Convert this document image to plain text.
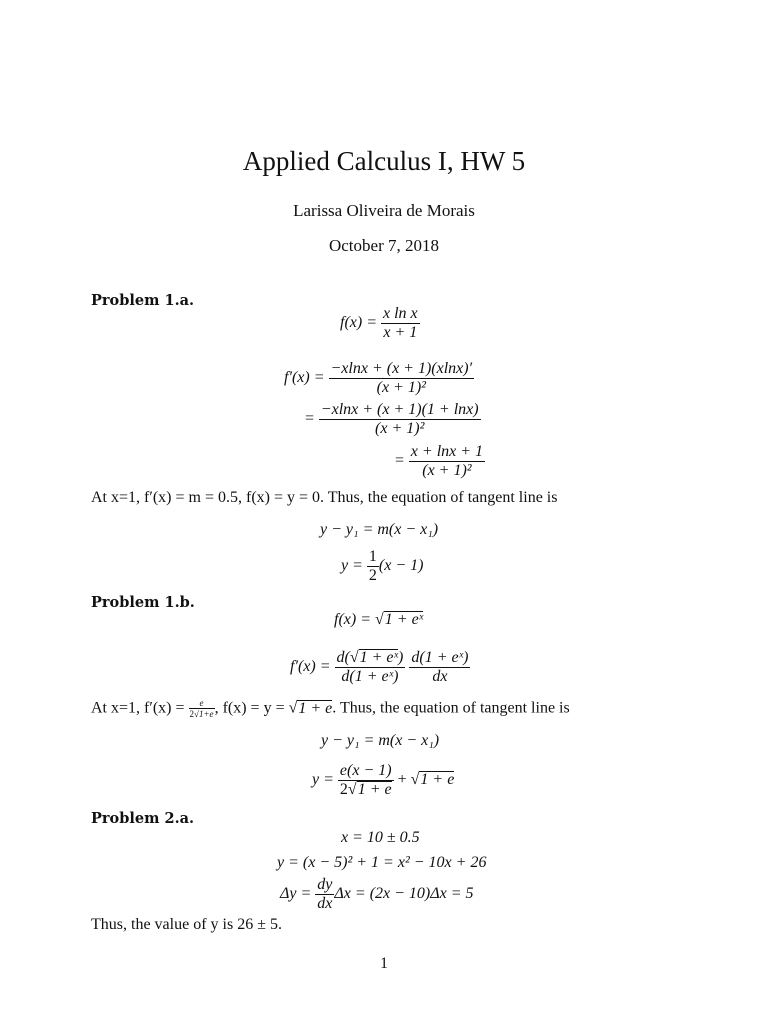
Applied Calculus I, HW 5
Larissa Oliveira de Morais
October 7, 2018
Problem 1.a.
$f(x) = \frac{\text{x ln x}}{x + 1}$
$f'(x) = \frac{-xlnx + (x + 1)(xlnx)'}{\text{(x + 1)²}}$
= $\frac{-xlnx + (x + 1)(1 + \ln x)}{\text{(x + 1)²}}$
= $\frac{x + \ln x + 1}{\text{(x + 1)²}}$
At x=1, f′(x) = m = 0.5, f(x) = y = 0. Thus, the equation of tangent line is
y − y₁ = m(x − x₁)
$y = \frac{1}{2} (x - 1)$
Problem 1.b.
f(x) = √1 + eˣ
$f'(x) = \frac{\text{d(√1 + eˣ)}}{\text{d(1 + eˣ)}}$
$\frac{\text{d(1 + eˣ)}}{dx}$
At x=1, $f'(x) = \frac{e}{2√1+e}$ , f(x) = y = √1 + e. Thus, the equation of tangent line is
y − y₁ = m(x − x₁)
$y = \frac{e(x - 1)}{2√1 + e} + √1 + e$
Problem 2.a.
x = 10 ± 0.5
y = (x − 5)² + 1 = x² − 10x + 26
$\Delta y = \frac{dy}{dx}$ Δx = (2x − 10)Δx = 5
Thus, the value of y is 26 ± 5.
1
